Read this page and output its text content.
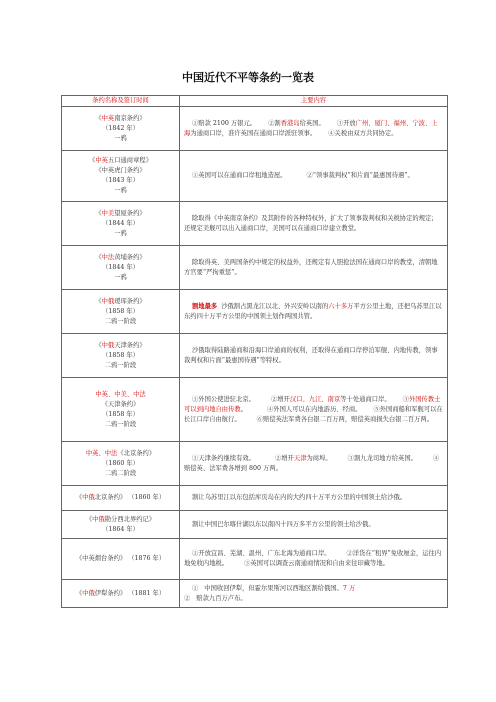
中国近代不平等条约一览表
条约名称及签订时间	主要内容

《中英南京条约》
（1842 年）
一鸦	①赔款 2100 万银元。      ②割香港岛给英国。      ③开放广州、厦门、福州、宁波、上海为通商口岸，准许英国在通商口岸派驻领事。      ④关税由双方共同协定。

《中英五口通商章程》
《中英虎门条约》
（1843 年）
一鸦	①英国可以在通商口岸租地造屋。          ②“领事裁判权”和片面“最惠国待遇”。

《中美望厦条约》
（1844 年）
一鸦	除取得《中英南京条约》及其附件的各种特权外，扩大了领事裁判权和关税协定的规定；还规定美舰可以出入通商口岸，美国可以在通商口岸建立教堂。

《中法黄埔条约》
（1844 年）
一鸦	除取得英、美两国条约中规定的权益外，还规定有人胆抢法国在通商口岸的教堂，清朝地方官要“严拘重惩”。

《中俄瑷珲条约》
（1858 年）
二鸦一阶段	割地最多  沙俄割占黑龙江以北、外兴安岭以南的六十多万平方公里土地，还把乌苏里江以东约四十万平方公里的中国领土划作两国共管。

《中俄天津条约》
（1858 年）
二鸦一阶段	沙俄取得陆路通商和沿海口岸通商的权利，还取得在通商口岸停泊军舰、内地传教，领事裁判权和片面“最惠国待遇”等特权。

中英、中美、中法
《天津条约》
（1858 年）
二鸦一阶段	①外国公使进驻北京。        ②增开汉口、九江、南京等十处通商口岸。      ③外国传教士可以到内地自由传教。          ④外国人可以在内地游历、经商。      ⑤外国商船和军舰可以在长江口岸自由航行。        ⑥赔偿英法军费各白银二百万两，赔偿英商损失白银二百万两。

中英、中法《北京条约》
（1860 年）
二鸦二阶段	①天津条约继续有效。          ②增开天津为商埠。        ③割九龙司地方给英国。        ④赔偿英、法军费各增到 800 万两。

《中俄北京条约》 （1860 年）	割让乌苏里江以东包括库页岛在内的大约四十万平方公里的中国领土给沙俄。

《中俄勘分西北界约记》
（1864 年）	割让中国巴尔喀什湖以东以南四十四万多平方公里的领土给沙俄。

《中英烟台条约》 （1876 年）	①开放宜昌、芜湖、温州、广东北海为通商口岸。        ②洋货在“租界”免收厘金，运往内地免收内地税。        ③英国可以调查云南通商情况和自由来往印藏等地。

《中俄伊犁条约》 （1881 年）	①   中国收回伊犁，但霍尔果斯河以西地区割给俄国。7 万
②   赔款九百万卢布。
